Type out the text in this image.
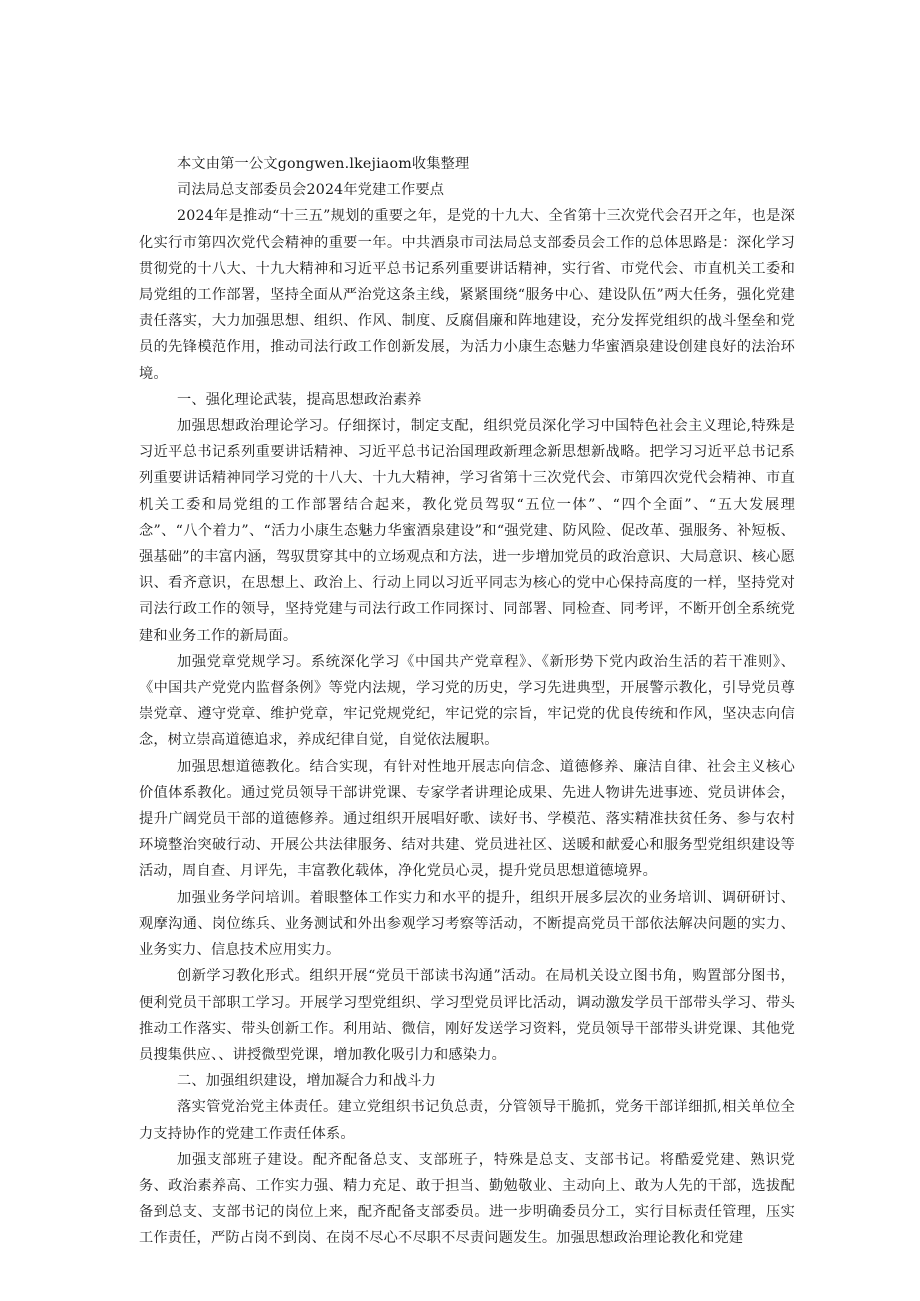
本文由第一公文gongwen.lkejiaom收集整理

司法局总支部委员会2024年党建工作要点

2024年是推动“十三五”规划的重要之年，是党的十九大、全省第十三次党代会召开之年，也是深化实行市第四次党代会精神的重要一年。中共酒泉市司法局总支部委员会工作的总体思路是：深化学习贯彻党的十八大、十九大精神和习近平总书记系列重要讲话精神，实行省、市党代会、市直机关工委和局党组的工作部署，坚持全面从严治党这条主线，紧紧围绕“服务中心、建设队伍”两大任务，强化党建责任落实，大力加强思想、组织、作风、制度、反腐倡廉和阵地建设，充分发挥党组织的战斗堡垒和党员的先锋模范作用，推动司法行政工作创新发展，为活力小康生态魅力华蜜酒泉建设创建良好的法治环境。

一、强化理论武装，提高思想政治素养

加强思想政治理论学习。仔细探讨，制定支配，组织党员深化学习中国特色社会主义理论,特殊是习近平总书记系列重要讲话精神、习近平总书记治国理政新理念新思想新战略。把学习习近平总书记系列重要讲话精神同学习党的十八大、十九大精神，学习省第十三次党代会、市第四次党代会精神、市直机关工委和局党组的工作部署结合起来，教化党员驾驭“五位一体”、“四个全面”、“五大发展理念”、“八个着力”、“活力小康生态魅力华蜜酒泉建设”和“强党建、防风险、促改革、强服务、补短板、强基础”的丰富内涵，驾驭贯穿其中的立场观点和方法，进一步增加党员的政治意识、大局意识、核心愿识、看齐意识，在思想上、政治上、行动上同以习近平同志为核心的党中心保持高度的一样，坚持党对司法行政工作的领导，坚持党建与司法行政工作同探讨、同部署、同检查、同考评，不断开创全系统党建和业务工作的新局面。

加强党章党规学习。系统深化学习《中国共产党章程》、《新形势下党内政治生活的若干准则》、《中国共产党党内监督条例》等党内法规，学习党的历史，学习先进典型，开展警示教化，引导党员尊崇党章、遵守党章、维护党章，牢记党规党纪，牢记党的宗旨，牢记党的优良传统和作风，坚决志向信念，树立崇高道德追求，养成纪律自觉，自觉依法履职。

加强思想道德教化。结合实现，有针对性地开展志向信念、道德修养、廉洁自律、社会主义核心价值体系教化。通过党员领导干部讲党课、专家学者讲理论成果、先进人物讲先进事迹、党员讲体会，提升广阔党员干部的道德修养。通过组织开展唱好歌、读好书、学模范、落实精准扶贫任务、参与农村环境整治突破行动、开展公共法律服务、结对共建、党员进社区、送暖和献爱心和服务型党组织建设等活动，周自查、月评先，丰富教化载体，净化党员心灵，提升党员思想道德境界。

加强业务学问培训。着眼整体工作实力和水平的提升，组织开展多层次的业务培训、调研研讨、观摩沟通、岗位练兵、业务测试和外出参观学习考察等活动，不断提高党员干部依法解决问题的实力、业务实力、信息技术应用实力。

创新学习教化形式。组织开展“党员干部读书沟通”活动。在局机关设立图书角，购置部分图书，便利党员干部职工学习。开展学习型党组织、学习型党员评比活动，调动激发学员干部带头学习、带头推动工作落实、带头创新工作。利用站、微信，刚好发送学习资料，党员领导干部带头讲党课、其他党员搜集供应、、讲授微型党课，增加教化吸引力和感染力。

二、加强组织建设，增加凝合力和战斗力

落实管党治党主体责任。建立党组织书记负总责，分管领导干脆抓，党务干部详细抓,相关单位全力支持协作的党建工作责任体系。

加强支部班子建设。配齐配备总支、支部班子，特殊是总支、支部书记。将酷爱党建、熟识党务、政治素养高、工作实力强、精力充足、敢于担当、勤勉敬业、主动向上、敢为人先的干部，选拔配备到总支、支部书记的岗位上来，配齐配备支部委员。进一步明确委员分工，实行目标责任管理，压实工作责任，严防占岗不到岗、在岗不尽心不尽职不尽责问题发生。加强思想政治理论教化和党建
